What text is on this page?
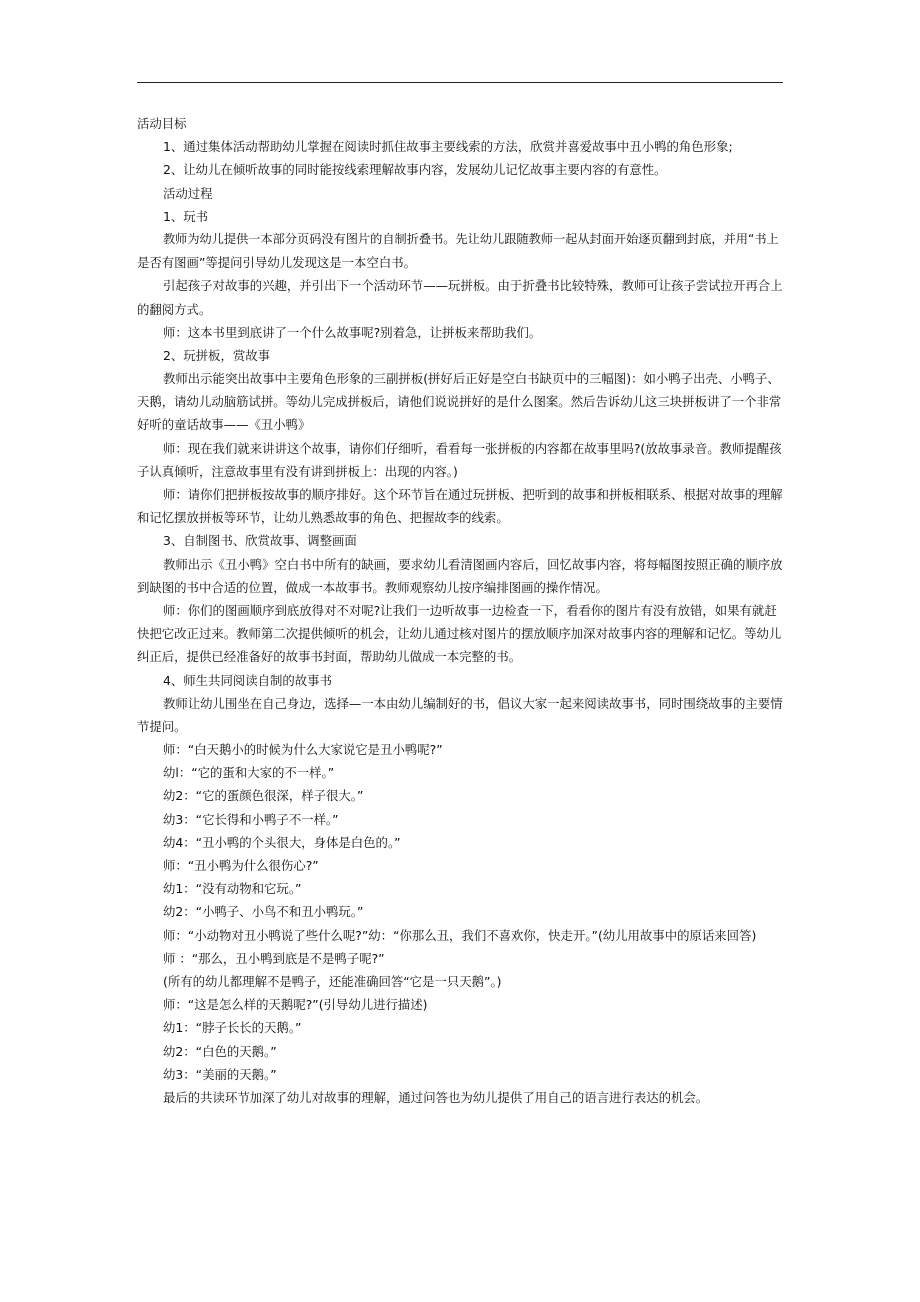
活动目标
1、通过集体活动帮助幼儿掌握在阅读时抓住故事主要线索的方法，欣赏并喜爱故事中丑小鸭的角色形象;
2、让幼儿在倾听故事的同时能按线索理解故事内容，发展幼儿记忆故事主要内容的有意性。
活动过程
1、玩书
教师为幼儿提供一本部分页码没有图片的自制折叠书。先让幼儿跟随教师一起从封面开始逐页翻到封底，并用“书上
是否有图画”等提问引导幼儿发现这是一本空白书。
引起孩子对故事的兴趣，并引出下一个活动环节——玩拼板。由于折叠书比较特殊，教师可让孩子尝试拉开再合上
的翻阅方式。
师：这本书里到底讲了一个什么故事呢?别着急，让拼板来帮助我们。
2、玩拼板，赏故事
教师出示能突出故事中主要角色形象的三副拼板(拼好后正好是空白书缺页中的三幅图)：如小鸭子出壳、小鸭子、
天鹅，请幼儿动脑筋试拼。等幼儿完成拼板后，请他们说说拼好的是什么图案。然后告诉幼儿这三块拼板讲了一个非常
好听的童话故事——《丑小鸭》
师：现在我们就来讲讲这个故事，请你们仔细听，看看每一张拼板的内容都在故事里吗?(放故事录音。教师提醒孩
子认真倾听，注意故事里有没有讲到拼板上：出现的内容。)
师：请你们把拼板按故事的顺序排好。这个环节旨在通过玩拼板、把听到的故事和拼板相联系、根据对故事的理解
和记忆摆放拼板等环节，让幼儿熟悉故事的角色、把握故李的线索。
3、自制图书、欣赏故事、调整画面
教师出示《丑小鸭》空白书中所有的缺画，要求幼儿看清图画内容后，回忆故事内容，将每幅图按照正确的顺序放
到缺图的书中合适的位置，做成一本故事书。教师观察幼儿按序编排图画的操作情况。
师：你们的图画顺序到底放得对不对呢?让我们一边听故事一边检查一下，看看你的图片有没有放错，如果有就赶
快把它改正过来。教师第二次提供倾听的机会，让幼儿通过核对图片的摆放顺序加深对故事内容的理解和记忆。等幼儿
纠正后，提供已经准备好的故事书封面，帮助幼儿做成一本完整的书。
4、师生共同阅读自制的故事书
教师让幼儿围坐在自己身边，选择—一本由幼儿编制好的书，倡议大家一起来阅读故事书，同时围绕故事的主要情
节提问。
师：“白天鹅小的时候为什么大家说它是丑小鸭呢?”
幼l：“它的蛋和大家的不一样。”
幼2：“它的蛋颜色很深，样子很大。”
幼3：“它长得和小鸭子不一样。”
幼4：“丑小鸭的个头很大，身体是白色的。”
师：“丑小鸭为什么很伤心?”
幼1：“没有动物和它玩。”
幼2：“小鸭子、小鸟不和丑小鸭玩。”
师：“小动物对丑小鸭说了些什么呢?”幼：“你那么丑，我们不喜欢你，快走开。”(幼儿用故事中的原话来回答)
师 ：“那么，丑小鸭到底是不是鸭子呢?”
(所有的幼儿都理解不是鸭子，还能准确回答“它是一只天鹅”。)
师：“这是怎么样的天鹅呢?”(引导幼儿进行描述)
幼1：“脖子长长的天鹅。”
幼2：“白色的天鹅。”
幼3：“美丽的天鹅。”
最后的共读环节加深了幼儿对故事的理解，通过问答也为幼儿提供了用自己的语言进行表达的机会。
